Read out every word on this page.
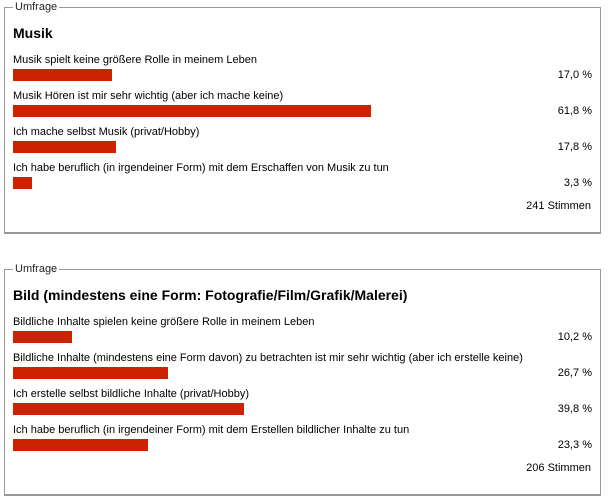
Umfrage
Musik
Musik spielt keine größere Rolle in meinem Leben
17,0 %
Musik Hören ist mir sehr wichtig (aber ich mache keine)
61,8 %
Ich mache selbst Musik (privat/Hobby)
17,8 %
Ich habe beruflich (in irgendeiner Form) mit dem Erschaffen von Musik zu tun
3,3 %
241 Stimmen
Umfrage
Bild (mindestens eine Form: Fotografie/Film/Grafik/Malerei)
Bildliche Inhalte spielen keine größere Rolle in meinem Leben
10,2 %
Bildliche Inhalte (mindestens eine Form davon) zu betrachten ist mir sehr wichtig (aber ich erstelle keine)
26,7 %
Ich erstelle selbst bildliche Inhalte (privat/Hobby)
39,8 %
Ich habe beruflich (in irgendeiner Form) mit dem Erstellen bildlicher Inhalte zu tun
23,3 %
206 Stimmen
